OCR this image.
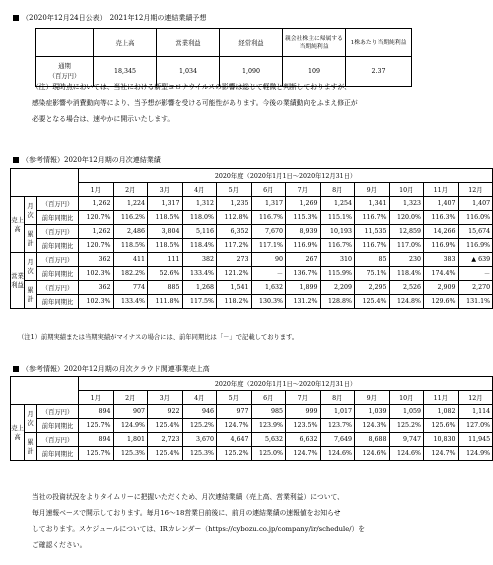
（2020年12月24日公表） 2021年12月期の連結業績予想
	売上高	営業利益	経常利益	親会社株主に帰属する当期純利益	1株あたり当期純利益

通期
（百万円）	18,345	1,034	1,090	109	2.37
（注）現時点においては、当社における新型コロナウイルスの影響は総じて軽微と判断しておりますが、
感染症影響や消費動向等により、当予想が影響を受ける可能性があります。今後の業績動向をふまえ修正が
必要となる場合は、速やかに開示いたします。
（参考情報）2020年12月期の月次連結業績
			2020年度（2020年1月1日～2020年12月31日）											
			1月	2月	3月	4月	5月	6月	7月	8月	9月	10月	11月	12月
売上高	月次	（百万円）	1,262	1,224	1,317	1,312	1,235	1,317	1,269	1,254	1,341	1,323	1,407	1,407
		前年同期比	120.7%	116.2%	118.5%	118.0%	112.8%	116.7%	115.3%	115.1%	116.7%	120.0%	116.3%	116.0%
	累計	（百万円）	1,262	2,486	3,804	5,116	6,352	7,670	8,939	10,193	11,535	12,859	14,266	15,674
		前年同期比	120.7%	118.5%	118.5%	118.4%	117.2%	117.1%	116.9%	116.7%	116.7%	117.0%	116.9%	116.9%
営業利益	月次	（百万円）	362	411	111	382	273	90	267	310	85	230	383	▲ 639
		前年同期比	102.3%	182.2%	52.6%	133.4%	121.2%	－	136.7%	115.9%	75.1%	118.4%	174.4%	－
	累計	（百万円）	362	774	885	1,268	1,541	1,632	1,899	2,209	2,295	2,526	2,909	2,270
		前年同期比	102.3%	133.4%	111.8%	117.5%	118.2%	130.3%	131.2%	128.8%	125.4%	124.8%	129.6%	131.1%
（注1）前期実績または当期実績がマイナスの場合には、前年同期比は「－」で記載しております。
（参考情報）2020年12月期の月次クラウド関連事業売上高
			2020年度（2020年1月1日～2020年12月31日）											
			1月	2月	3月	4月	5月	6月	7月	8月	9月	10月	11月	12月
売上高	月次	（百万円）	894	907	922	946	977	985	999	1,017	1,039	1,059	1,082	1,114
		前年同期比	125.7%	124.9%	125.4%	125.2%	124.7%	123.9%	123.5%	123.7%	124.3%	125.2%	125.6%	127.0%
	累計	（百万円）	894	1,801	2,723	3,670	4,647	5,632	6,632	7,649	8,688	9,747	10,830	11,945
		前年同期比	125.7%	125.3%	125.4%	125.3%	125.2%	125.0%	124.7%	124.6%	124.6%	124.6%	124.7%	124.9%
当社の投資状況をよりタイムリーに把握いただくため、月次連結業績（売上高、営業利益）について、
毎月速報ベースで開示しております。毎月16～18営業日前後に、前月の連結業績の速報値をお知らせ
しております。スケジュールについては、IRカレンダー（https://cybozu.co.jp/company/ir/schedule/）を
ご確認ください。
